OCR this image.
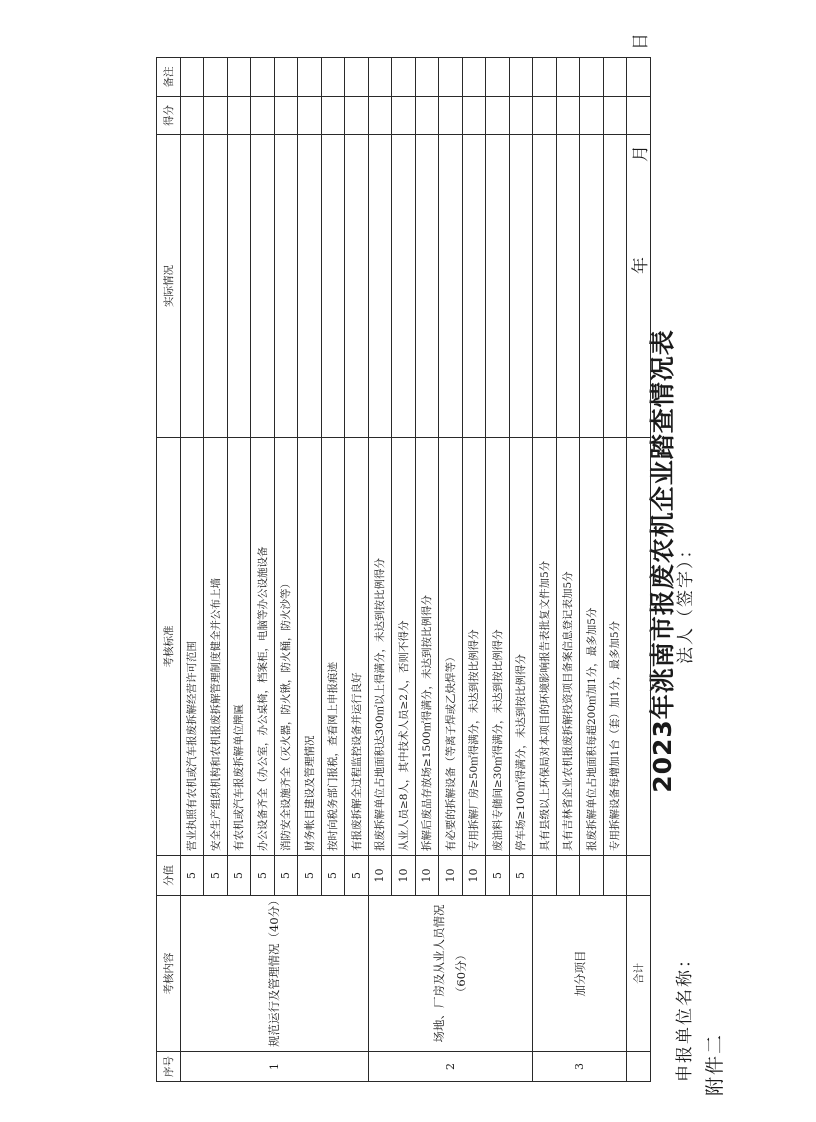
附件二
2023年洮南市报废农机企业踏查情况表
申报单位名称：
法人（签字）：
年
月
日
序号	考核内容	分值	考核标准	实际情况	得分	备注
1	规范运行及管理情况（40分）	5	营业执照有农机或汽车报废拆解经营许可范围			
		5	安全生产组织机构和农机报废拆解管理制度健全并公布上墙			
		5	有农机或汽车报废拆解单位牌匾			
		5	办公设备齐全（办公室，办公桌椅，档案柜，电脑等办公设施设备			
		5	消防安全设施齐全（灭火器，防火锹，防火桶，防火沙等）			
		5	财务帐目建设及管理情况			
		5	按时向税务部门报税，查看网上申报痕迹			
		5	有报废拆解全过程监控设备并运行良好			
2	场地、厂房及从业人员情况（60分）	10	报废拆解单位占地面积达300㎡以上得满分，未达到按比例得分			
		10	从业人员≥8人，其中技术人员≥2人，否则不得分			
		10	拆解后废品存放场≥1500㎡得满分，未达到按比例得分			
		10	有必要的拆解设备（等离子焊或乙炔焊等）			
		10	专用拆解厂房≥50㎡得满分，未达到按比例得分			
		5	废油料专储间≥30㎡得满分，未达到按比例得分			
		5	停车场≥100㎡得满分，未达到按比例得分			
3	加分项目		具有县级以上环保局对本项目的环境影响报告表批复文件加5分			
			具有吉林省企业农机报废拆解投资项目备案信息登记表加5分			
			报废拆解单位占地面积每超200㎡加1分，最多加5分			
			专用拆解设备每增加1台（套）加1分，最多加5分			
	合计					
